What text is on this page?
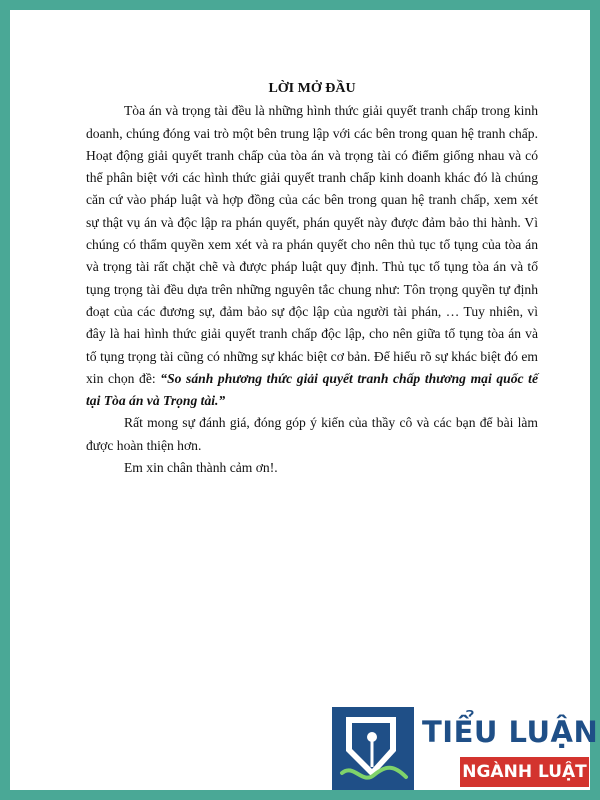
LỜI MỞ ĐẦU

Tòa án và trọng tài đều là những hình thức giải quyết tranh chấp trong kinh doanh, chúng đóng vai trò một bên trung lập với các bên trong quan hệ tranh chấp. Hoạt động giải quyết tranh chấp của tòa án và trọng tài có điểm giống nhau và có thể phân biệt với các hình thức giải quyết tranh chấp kinh doanh khác đó là chúng căn cứ vào pháp luật và hợp đồng của các bên trong quan hệ tranh chấp, xem xét sự thật vụ án và độc lập ra phán quyết, phán quyết này được đảm bảo thi hành. Vì chúng có thẩm quyền xem xét và ra phán quyết cho nên thủ tục tố tụng của tòa án và trọng tài rất chặt chẽ và được pháp luật quy định. Thủ tục tố tụng tòa án và tố tụng trọng tài đều dựa trên những nguyên tắc chung như: Tôn trọng quyền tự định đoạt của các đương sự, đảm bảo sự độc lập của người tài phán, … Tuy nhiên, vì đây là hai hình thức giải quyết tranh chấp độc lập, cho nên giữa tố tụng tòa án và tố tụng trọng tài cũng có những sự khác biệt cơ bản. Để hiểu rõ sự khác biệt đó em xin chọn đề: “So sánh phương thức giải quyết tranh chấp thương mại quốc tế tại Tòa án và Trọng tài.”

Rất mong sự đánh giá, đóng góp ý kiến của thầy cô và các bạn để bài làm được hoàn thiện hơn.

Em xin chân thành cảm ơn!.

TIỂU LUẬN
NGÀNH LUẬT
